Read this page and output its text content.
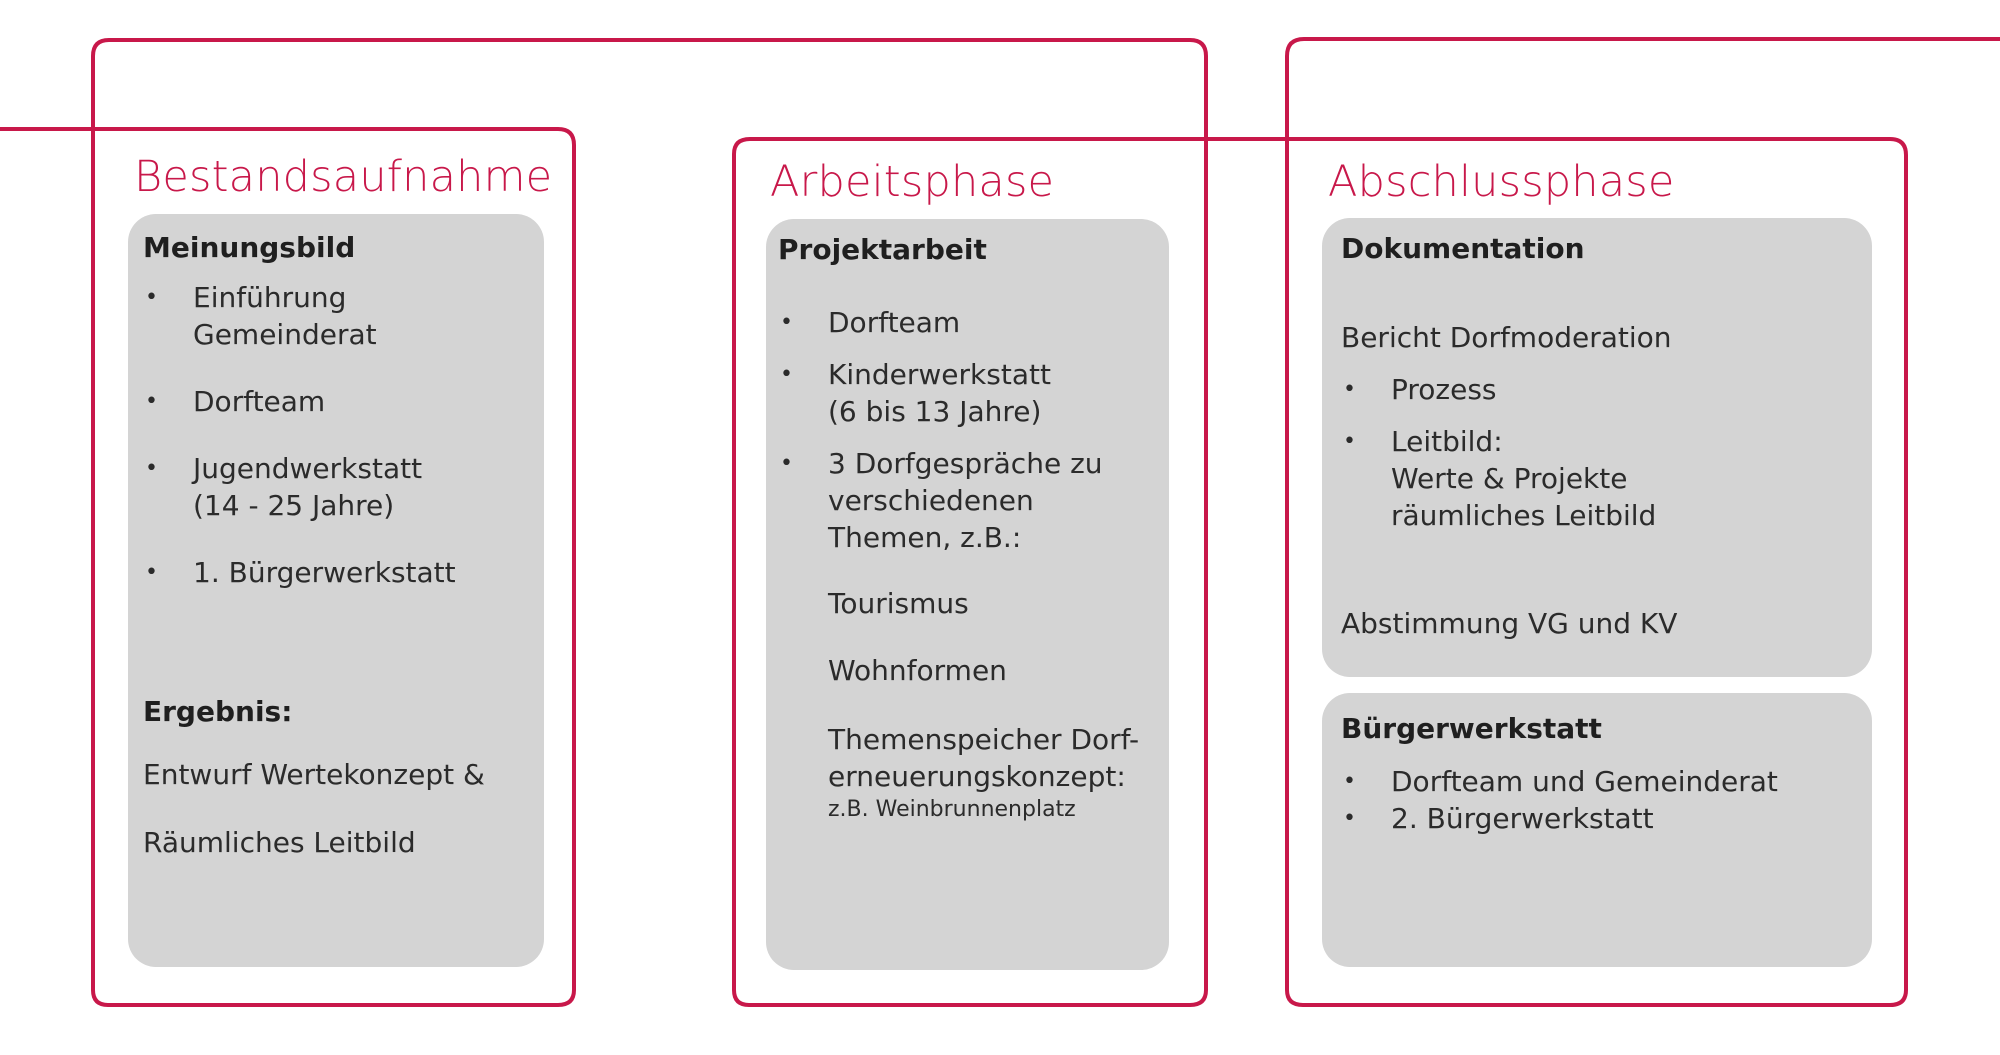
Bestandsaufnahme
Meinungsbild
• Einführung
Gemeinderat
• Dorfteam
• Jugendwerkstatt
(14 - 25 Jahre)
• 1. Bürgerwerkstatt
Ergebnis:
Entwurf Wertekonzept &
Räumliches Leitbild
Arbeitsphase
Projektarbeit
• Dorfteam
• Kinderwerkstatt
(6 bis 13 Jahre)
• 3 Dorfgespräche zu
verschiedenen
Themen, z.B.:
Tourismus
Wohnformen
Themenspeicher Dorf-
erneuerungskonzept:
z.B. Weinbrunnenplatz
Abschlussphase
Dokumentation
Bericht Dorfmoderation
• Prozess
• Leitbild:
Werte & Projekte
räumliches Leitbild
Abstimmung VG und KV
Bürgerwerkstatt
• Dorfteam und Gemeinderat
• 2. Bürgerwerkstatt
